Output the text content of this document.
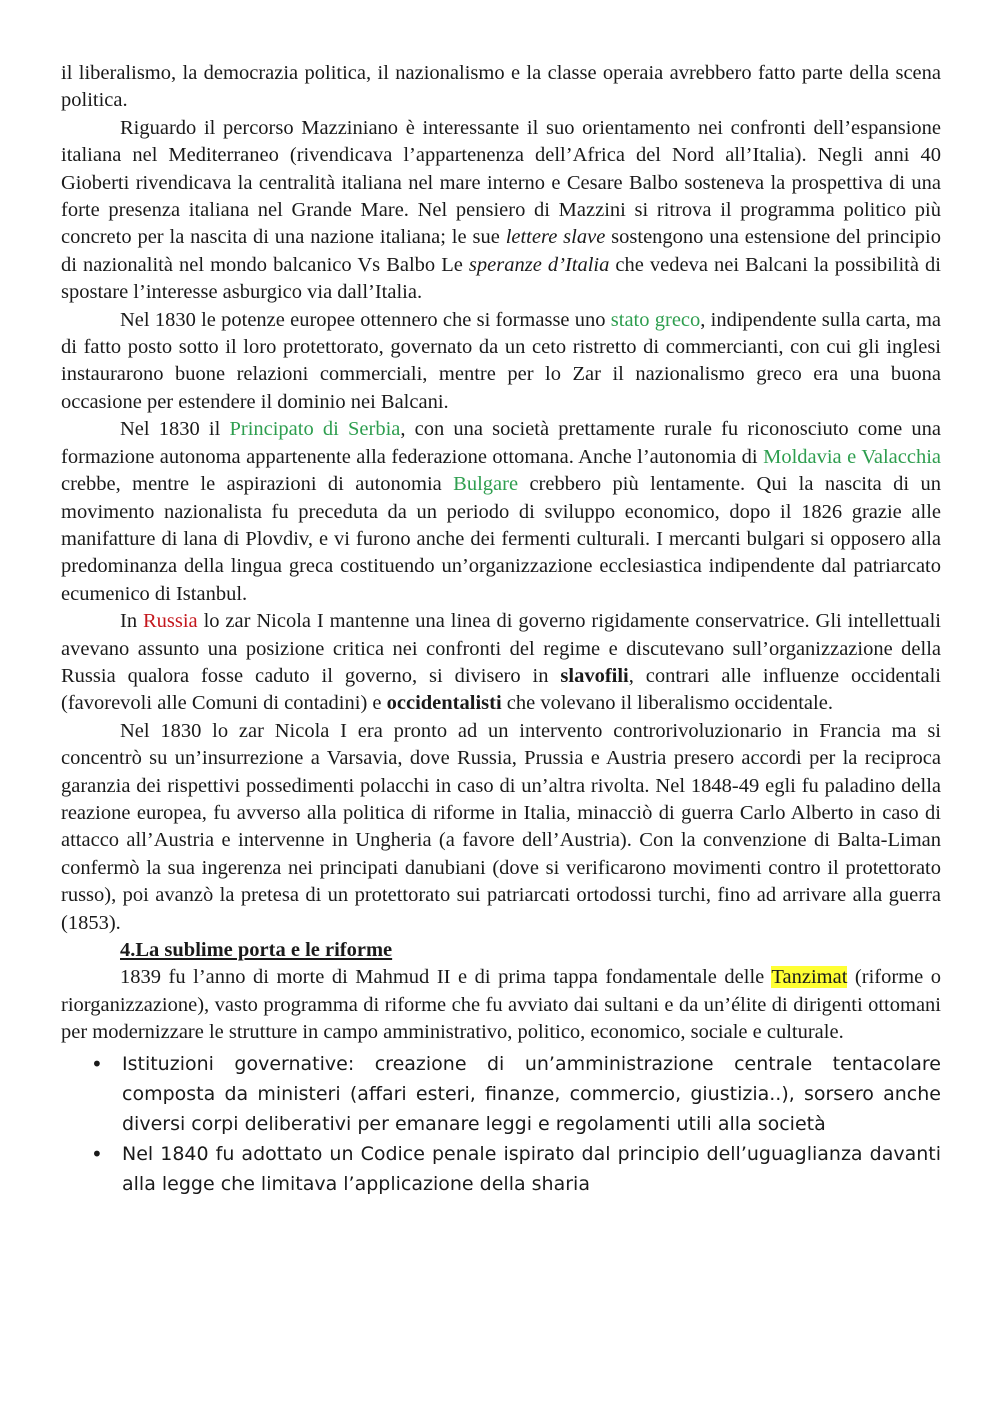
il liberalismo, la democrazia politica, il nazionalismo e la classe operaia avrebbero fatto parte della scena politica.

Riguardo il percorso Mazziniano è interessante il suo orientamento nei confronti dell’espansione italiana nel Mediterraneo (rivendicava l’appartenenza dell’Africa del Nord all’Italia). Negli anni 40 Gioberti rivendicava la centralità italiana nel mare interno e Cesare Balbo sosteneva la prospettiva di una forte presenza italiana nel Grande Mare. Nel pensiero di Mazzini si ritrova il programma politico più concreto per la nascita di una nazione italiana; le sue lettere slave sostengono una estensione del principio di nazionalità nel mondo balcanico Vs Balbo Le speranze d’Italia che vedeva nei Balcani la possibilità di spostare l’interesse asburgico via dall’Italia.

Nel 1830 le potenze europee ottennero che si formasse uno stato greco, indipendente sulla carta, ma di fatto posto sotto il loro protettorato, governato da un ceto ristretto di commercianti, con cui gli inglesi instaurarono buone relazioni commerciali, mentre per lo Zar il nazionalismo greco era una buona occasione per estendere il dominio nei Balcani.

Nel 1830 il Principato di Serbia, con una società prettamente rurale fu riconosciuto come una formazione autonoma appartenente alla federazione ottomana. Anche l’autonomia di Moldavia e Valacchia crebbe, mentre le aspirazioni di autonomia Bulgare crebbero più lentamente. Qui la nascita di un movimento nazionalista fu preceduta da un periodo di sviluppo economico, dopo il 1826 grazie alle manifatture di lana di Plovdiv, e vi furono anche dei fermenti culturali. I mercanti bulgari si opposero alla predominanza della lingua greca costituendo un’organizzazione ecclesiastica indipendente dal patriarcato ecumenico di Istanbul.

In Russia lo zar Nicola I mantenne una linea di governo rigidamente conservatrice. Gli intellettuali avevano assunto una posizione critica nei confronti del regime e discutevano sull’organizzazione della Russia qualora fosse caduto il governo, si divisero in slavofili, contrari alle influenze occidentali (favorevoli alle Comuni di contadini) e occidentalisti che volevano il liberalismo occidentale.

Nel 1830 lo zar Nicola I era pronto ad un intervento controrivoluzionario in Francia ma si concentrò su un’insurrezione a Varsavia, dove Russia, Prussia e Austria presero accordi per la reciproca garanzia dei rispettivi possedimenti polacchi in caso di un’altra rivolta. Nel 1848-49 egli fu paladino della reazione europea, fu avverso alla politica di riforme in Italia, minacciò di guerra Carlo Alberto in caso di attacco all’Austria e intervenne in Ungheria (a favore dell’Austria). Con la convenzione di Balta-Liman confermò la sua ingerenza nei principati danubiani (dove si verificarono movimenti contro il protettorato russo), poi avanzò la pretesa di un protettorato sui patriarcati ortodossi turchi, fino ad arrivare alla guerra (1853).

4.La sublime porta e le riforme

1839 fu l’anno di morte di Mahmud II e di prima tappa fondamentale delle Tanzimat (riforme o riorganizzazione), vasto programma di riforme che fu avviato dai sultani e da un’élite di dirigenti ottomani per modernizzare le strutture in campo amministrativo, politico, economico, sociale e culturale.

• Istituzioni governative: creazione di un’amministrazione centrale tentacolare composta da ministeri (affari esteri, finanze, commercio, giustizia..), sorsero anche diversi corpi deliberativi per emanare leggi e regolamenti utili alla società
• Nel 1840 fu adottato un Codice penale ispirato dal principio dell’uguaglianza davanti alla legge che limitava l’applicazione della sharia
